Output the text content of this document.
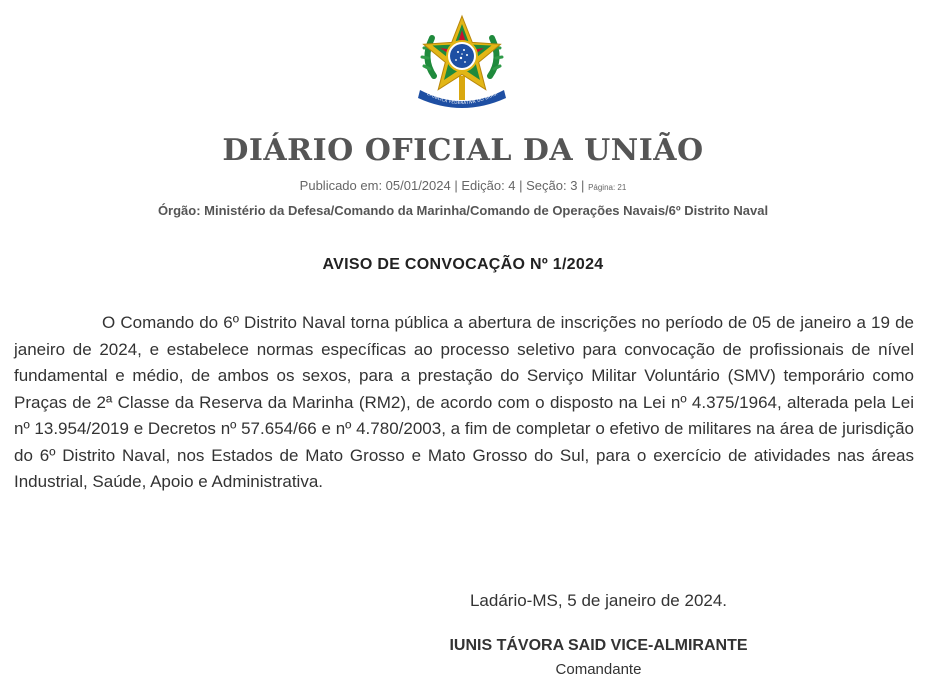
EPUBLICA FEDERATIVA DO BRASI
DIÁRIO OFICIAL DA UNIÃO
Publicado em: 05/01/2024 | Edição: 4 | Seção: 3 | Página: 21
Órgão: Ministério da Defesa/Comando da Marinha/Comando de Operações Navais/6º Distrito Naval
AVISO DE CONVOCAÇÃO Nº 1/2024

O Comando do 6º Distrito Naval torna pública a abertura de inscrições no período de 05 de janeiro a 19 de janeiro de 2024, e estabelece normas específicas ao processo seletivo para convocação de profissionais de nível fundamental e médio, de ambos os sexos, para a prestação do Serviço Militar Voluntário (SMV) temporário como Praças de 2ª Classe da Reserva da Marinha (RM2), de acordo com o disposto na Lei nº 4.375/1964, alterada pela Lei nº 13.954/2019 e Decretos nº 57.654/66 e nº 4.780/2003, a fim de completar o efetivo de militares na área de jurisdição do 6º Distrito Naval, nos Estados de Mato Grosso e Mato Grosso do Sul, para o exercício de atividades nas áreas Industrial, Saúde, Apoio e Administrativa.

Ladário-MS, 5 de janeiro de 2024.
IUNIS TÁVORA SAID VICE-ALMIRANTE
Comandante
